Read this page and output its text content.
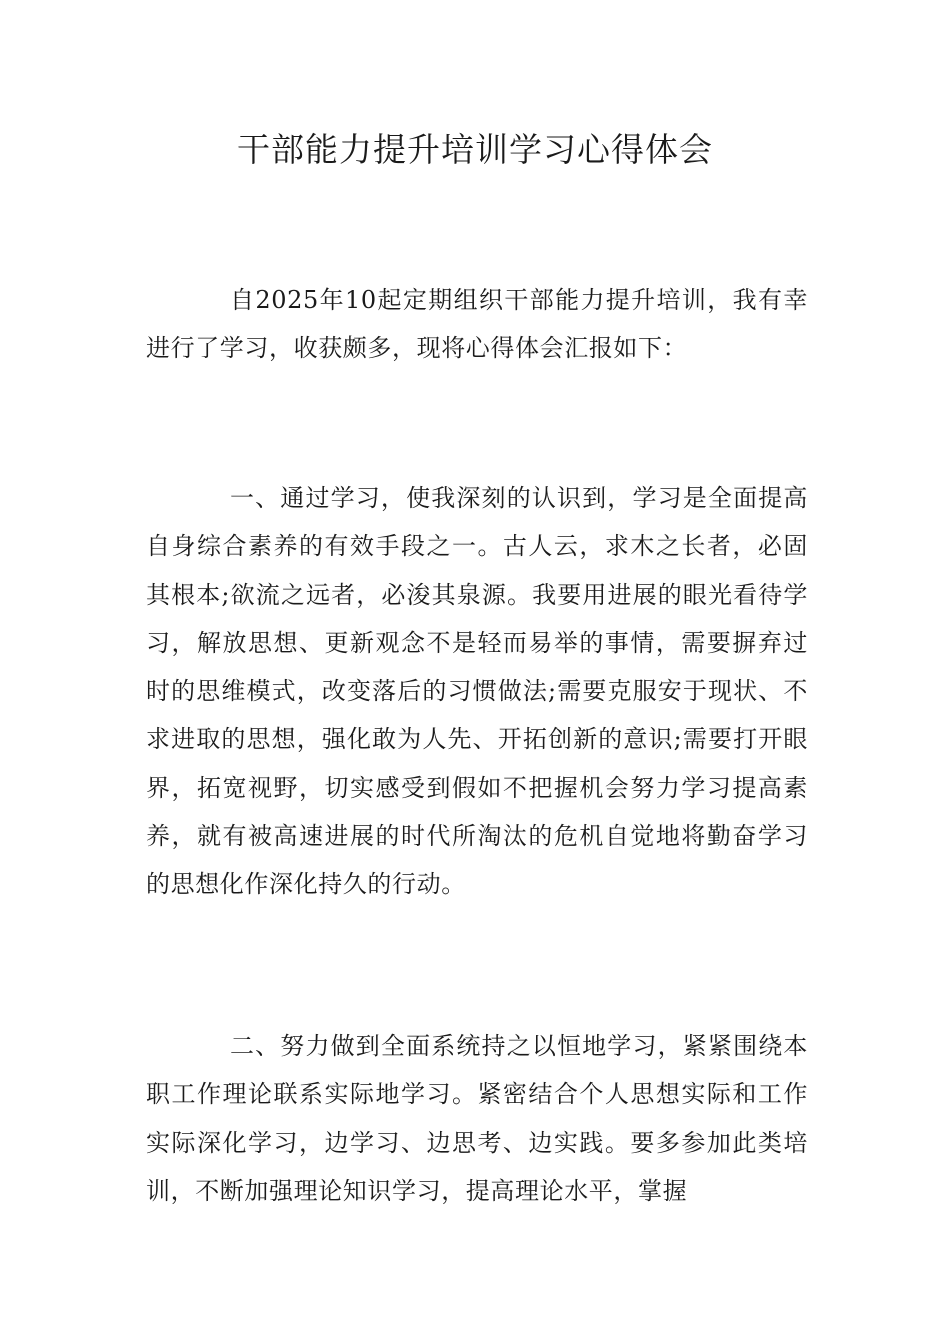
干部能力提升培训学习心得体会

自2025年10起定期组织干部能力提升培训，我有幸进行了学习，收获颇多，现将心得体会汇报如下：

一、通过学习，使我深刻的认识到，学习是全面提高自身综合素养的有效手段之一。古人云，求木之长者，必固其根本;欲流之远者，必浚其泉源。我要用进展的眼光看待学习，解放思想、更新观念不是轻而易举的事情，需要摒弃过时的思维模式，改变落后的习惯做法;需要克服安于现状、不求进取的思想，强化敢为人先、开拓创新的意识;需要打开眼界，拓宽视野，切实感受到假如不把握机会努力学习提高素养，就有被高速进展的时代所淘汰的危机自觉地将勤奋学习的思想化作深化持久的行动。

二、努力做到全面系统持之以恒地学习，紧紧围绕本职工作理论联系实际地学习。紧密结合个人思想实际和工作实际深化学习，边学习、边思考、边实践。要多参加此类培训，不断加强理论知识学习，提高理论水平，掌握
